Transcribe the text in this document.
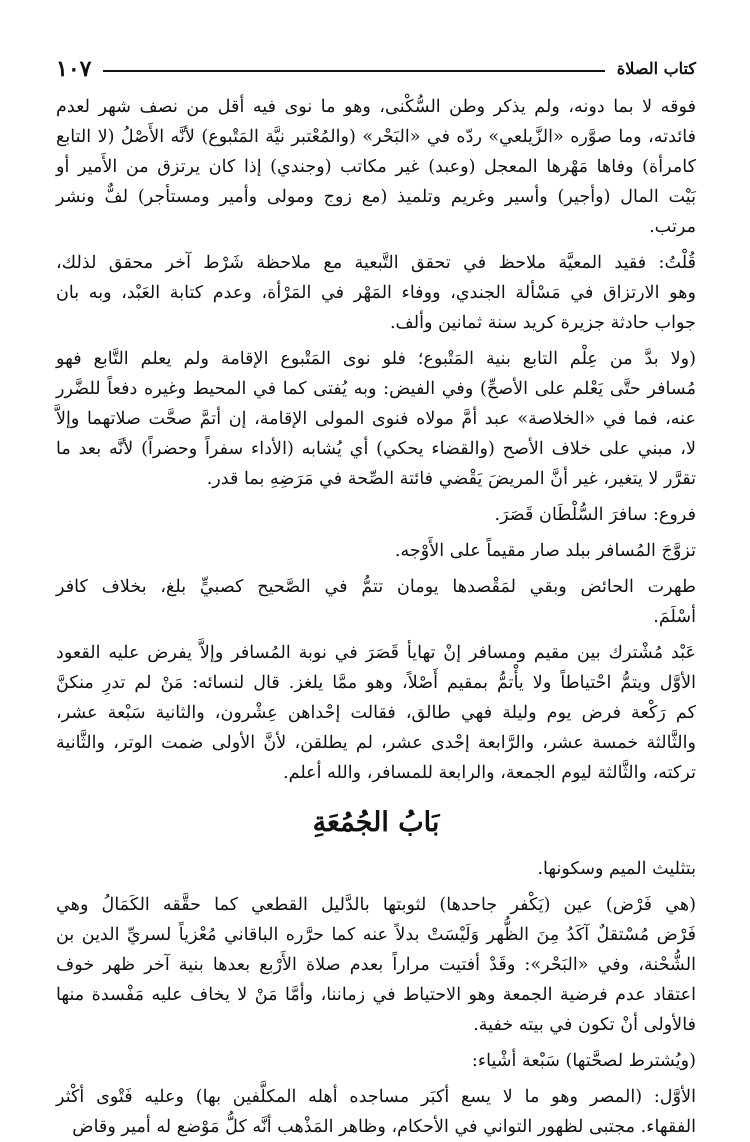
كتاب الصلاة
١٠٧
فوقه لا بما دونه، ولم يذكر وطن السُّكْنى، وهو ما نوى فيه أقل من نصف شهر لعدم
فائدته، وما صوَّره «الزَّيلعي» ردّه في «البَحْر» (والمُعْتبر نيَّة المَتْبوع) لأنَّه الأَصْلُ (لا التابع
كامرأة) وفاها مَهْرها المعجل (وعبد) غير مكاتب (وجندي) إذا كان يرتزق من الأَمير أو
بَيْت المال (وأجير) وأسير وغريم وتلميذ (مع زوج ومولى وأمير ومستأجر) لفٌّ ونشر
مرتب.
قُلْتُ: فقيد المعيَّة ملاحظ في تحقق التَّبعية مع ملاحظة شَرْط آخر محقق لذلك،
وهو الارتزاق في مَسْألة الجندي، ووفاء المَهْر في المَرْأة، وعدم كتابة العَبْد، وبه بان
جواب حادثة جزيرة كريد سنة ثمانين وألف.
(ولا بدَّ من عِلْم التابع بنية المَتْبوع؛ فلو نوى المَتْبوع الإقامة ولم يعلم التَّابع فهو
مُسافر حتَّى يَعْلم على الأصحِّ) وفي الفيض: وبه يُفتى كما في المحيط وغيره دفعاً للضَّرر
عنه، فما في «الخلاصة» عبد أمَّ مولاه فنوى المولى الإقامة، إن أتمَّ صحَّت صلاتهما وإلاَّ
لا، مبني على خلاف الأصح (والقضاء يحكي) أي يُشابه (الأداء سفراً وحضراً) لأنَّه بعد ما
تقرَّر لا يتغير، غير أنَّ المريضَ يَقْضي فائتة الصِّحة في مَرَضِهِ بما قدر.
فروع: سافرَ السُّلْطَان قَصَرَ.
تزوَّجَ المُسافر ببلد صار مقيماً على الأَوْجه.
طهرت الحائض وبقي لمَقْصدها يومان تتمُّ في الصَّحيح كصبيٍّ بلغ، بخلاف كافر
أسْلَمَ.
عَبْد مُشْترك بين مقيم ومسافر إنْ تهايأ قَصَرَ في نوبة المُسافر وإلاَّ يفرض عليه القعود
الأوَّل ويتمُّ احْتياطاً ولا يأْتمُّ بمقيم أَصْلاً، وهو ممَّا يلغز. قال لنسائه: مَنْ لم تدرِ منكنَّ
كم رَكْعة فرض يوم وليلة فهي طالق، فقالت إحْداهن عِشْرون، والثانية سَبْعة عشر،
والثَّالثة خمسة عشر، والرَّابعة إحْدى عشر، لم يطلقن، لأنَّ الأولى ضمت الوتر، والثَّانية
تركته، والثَّالثة ليوم الجمعة، والرابعة للمسافر، والله أعلم.
بَابُ الجُمُعَةِ
بتثليث الميم وسكونها.
(هي فَرْض) عين (يَكْفر جاحدها) لثوبتها بالدَّليل القطعي كما حقَّقه الكَمَالُ وهي
فَرْض مُسْتقلٌ آكَدُ مِنَ الظُّهر وَلَيْسَتْ بدلاً عنه كما حرَّره الباقاني مُعْزياً لسريِّ الدين بن
الشُّحْنة، وفي «البَحْر»: وقَدْ أفتيت مراراً بعدم صلاة الأَرْبع بعدها بنية آخر ظهر خوف
اعتقاد عدم فرضية الجمعة وهو الاحتياط في زماننا، وأمَّا مَنْ لا يخاف عليه مَفْسدة منها
فالأولى أنْ تكون في بيته خفية.
(ويُشترط لصحَّتها) سَبْعة أشْياء:
الأوَّل: (المصر وهو ما لا يسع أكبَر مساجده أهله المكلَّفين بها) وعليه فَتْوى أكْثر
الفقهاء. مجتبى لظهور التواني في الأحكام، وظاهر المَذْهب أنَّه كلُّ مَوْضع له أمير وقاض
